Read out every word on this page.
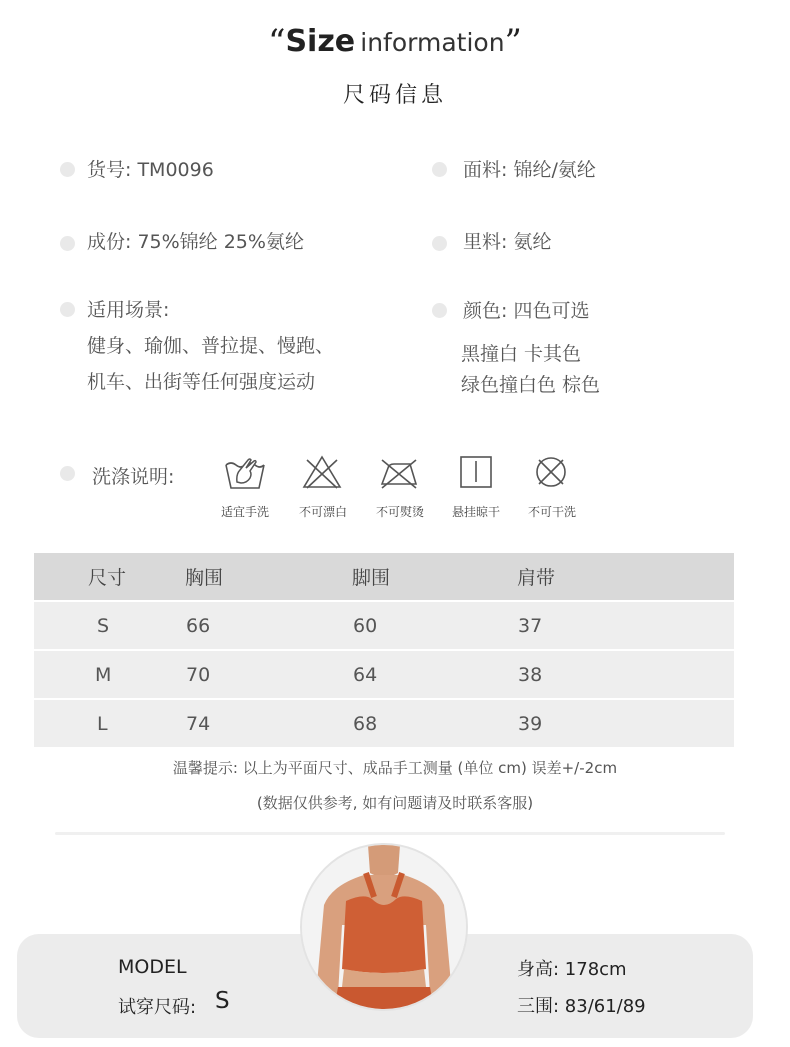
“Size information”
尺码信息
货号: TM0096	面料: 锦纶/氨纶
成份: 75%锦纶 25%氨纶	里料: 氨纶
适用场景:
健身、瑜伽、普拉提、慢跑、
机车、出街等任何强度运动
颜色: 四色可选
黑撞白 卡其色
绿色撞白色 棕色
洗涤说明:
适宜手洗	不可漂白	不可熨烫	悬挂晾干	不可干洗
尺寸	胸围	脚围	肩带
S	66	60	37
M	70	64	38
L	74	68	39
温馨提示: 以上为平面尺寸、成品手工测量 (单位 cm) 误差+/-2cm
(数据仅供参考, 如有问题请及时联系客服)
MODEL
试穿尺码: S
身高: 178cm
三围: 83/61/89
